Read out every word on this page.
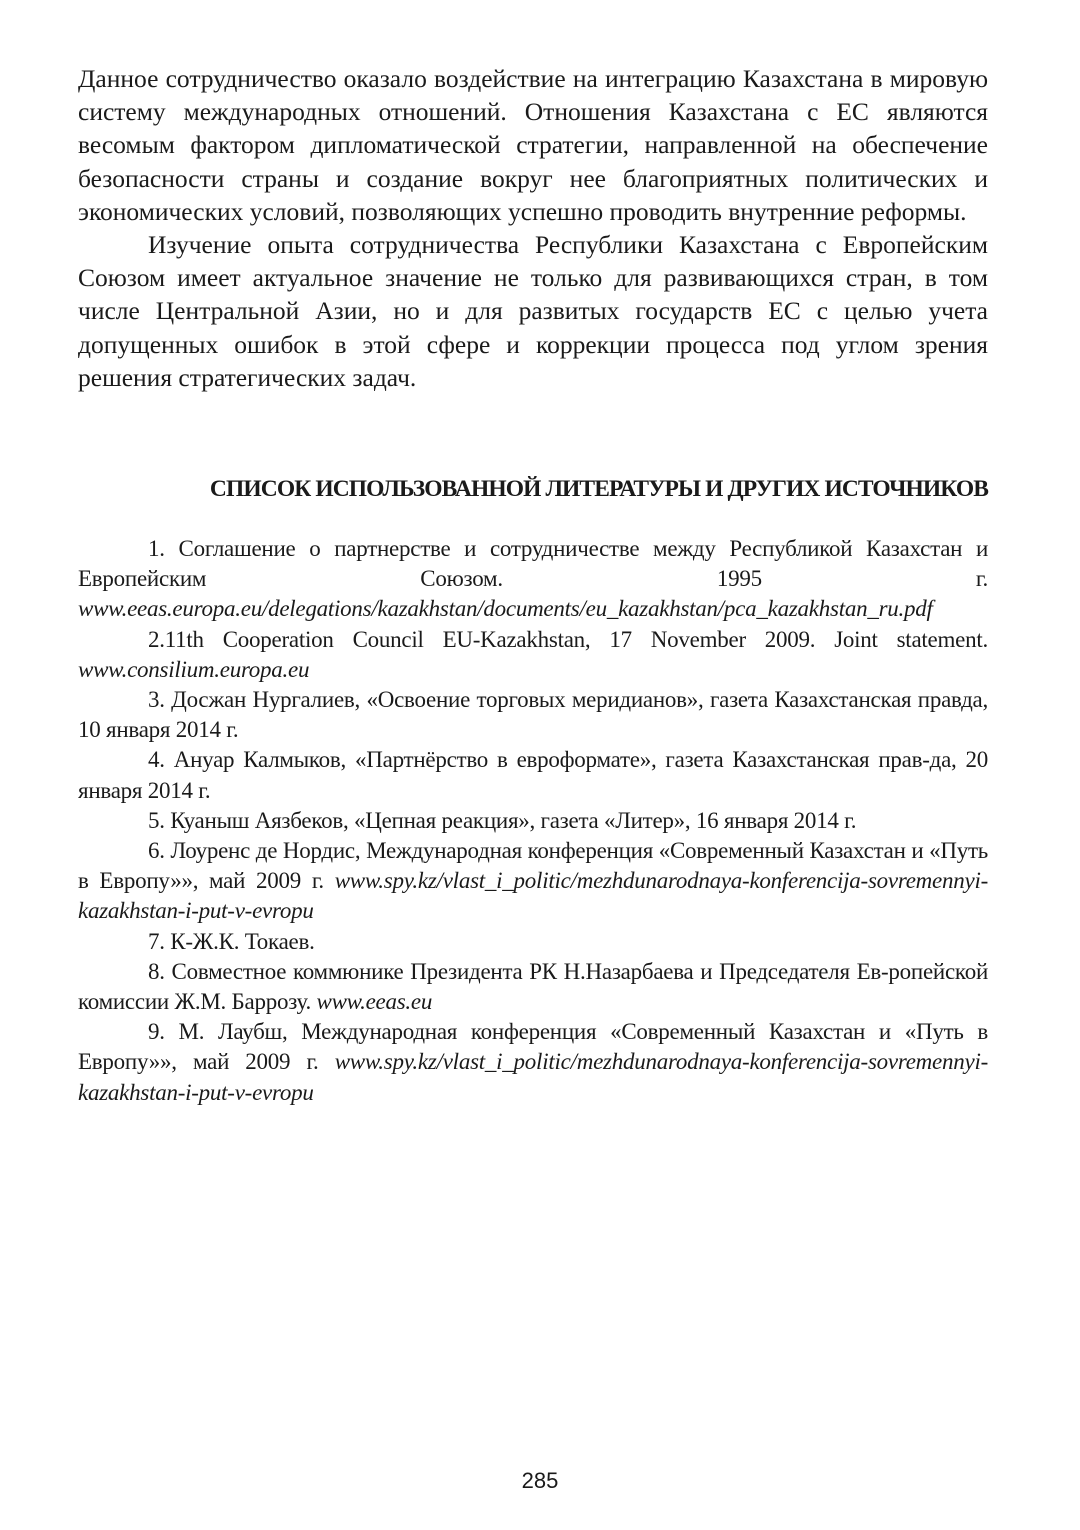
Данное сотрудничество оказало воздействие на интеграцию Казахстана в мировую систему международных отношений. Отношения Казахстана с ЕС являются весомым фактором дипломатической стратегии, направленной на обеспечение безопасности страны и создание вокруг нее благоприятных политических и экономических условий, позволяющих успешно проводить внутренние реформы.

Изучение опыта сотрудничества Республики Казахстана с Европейским Союзом имеет актуальное значение не только для развивающихся стран, в том числе Центральной Азии, но и для развитых государств ЕС с целью учета допущенных ошибок в этой сфере и коррекции процесса под углом зрения решения стратегических задач.

СПИСОК ИСПОЛЬЗОВАННОЙ ЛИТЕРАТУРЫ И ДРУГИХ ИСТОЧНИКОВ

1. Соглашение о партнерстве и сотрудничестве между Республикой Казахстан и Европейским Союзом. 1995 г. www.eeas.europa.eu/delegations/kazakhstan/documents/eu_kazakhstan/pca_kazakhstan_ru.pdf

2.11th Cooperation Council EU-Kazakhstan, 17 November 2009. Joint statement. www.consilium.europa.eu

3. Досжан Нургалиев, «Освоение торговых меридианов», газета Казахстанская правда, 10 января 2014 г.

4. Ануар Калмыков, «Партнёрство в еврoформате», газета Казахстанская прав-да, 20 января 2014 г.

5. Куаныш Аязбеков, «Цепная реакция», газета «Литер», 16 января 2014 г.

6. Лоуренс де Нордис, Международная конференция «Современный Казахстан и «Путь в Европу»», май 2009 г. www.spy.kz/vlast_i_politic/mezhdunarodnaya-konferencija-sovremennyi-kazakhstan-i-put-v-evropu

7. К-Ж.К. Токаев.

8. Совместное коммюнике Президента РК Н.Назарбаева и Председателя Ев-ропейской комиссии Ж.М. Баррозу. www.eeas.eu

9. М. Лаубш, Международная конференция «Современный Казахстан и «Путь в Европу»», май 2009 г. www.spy.kz/vlast_i_politic/mezhdunarodnaya-konferencija-sovremennyi-kazakhstan-i-put-v-evropu

285
